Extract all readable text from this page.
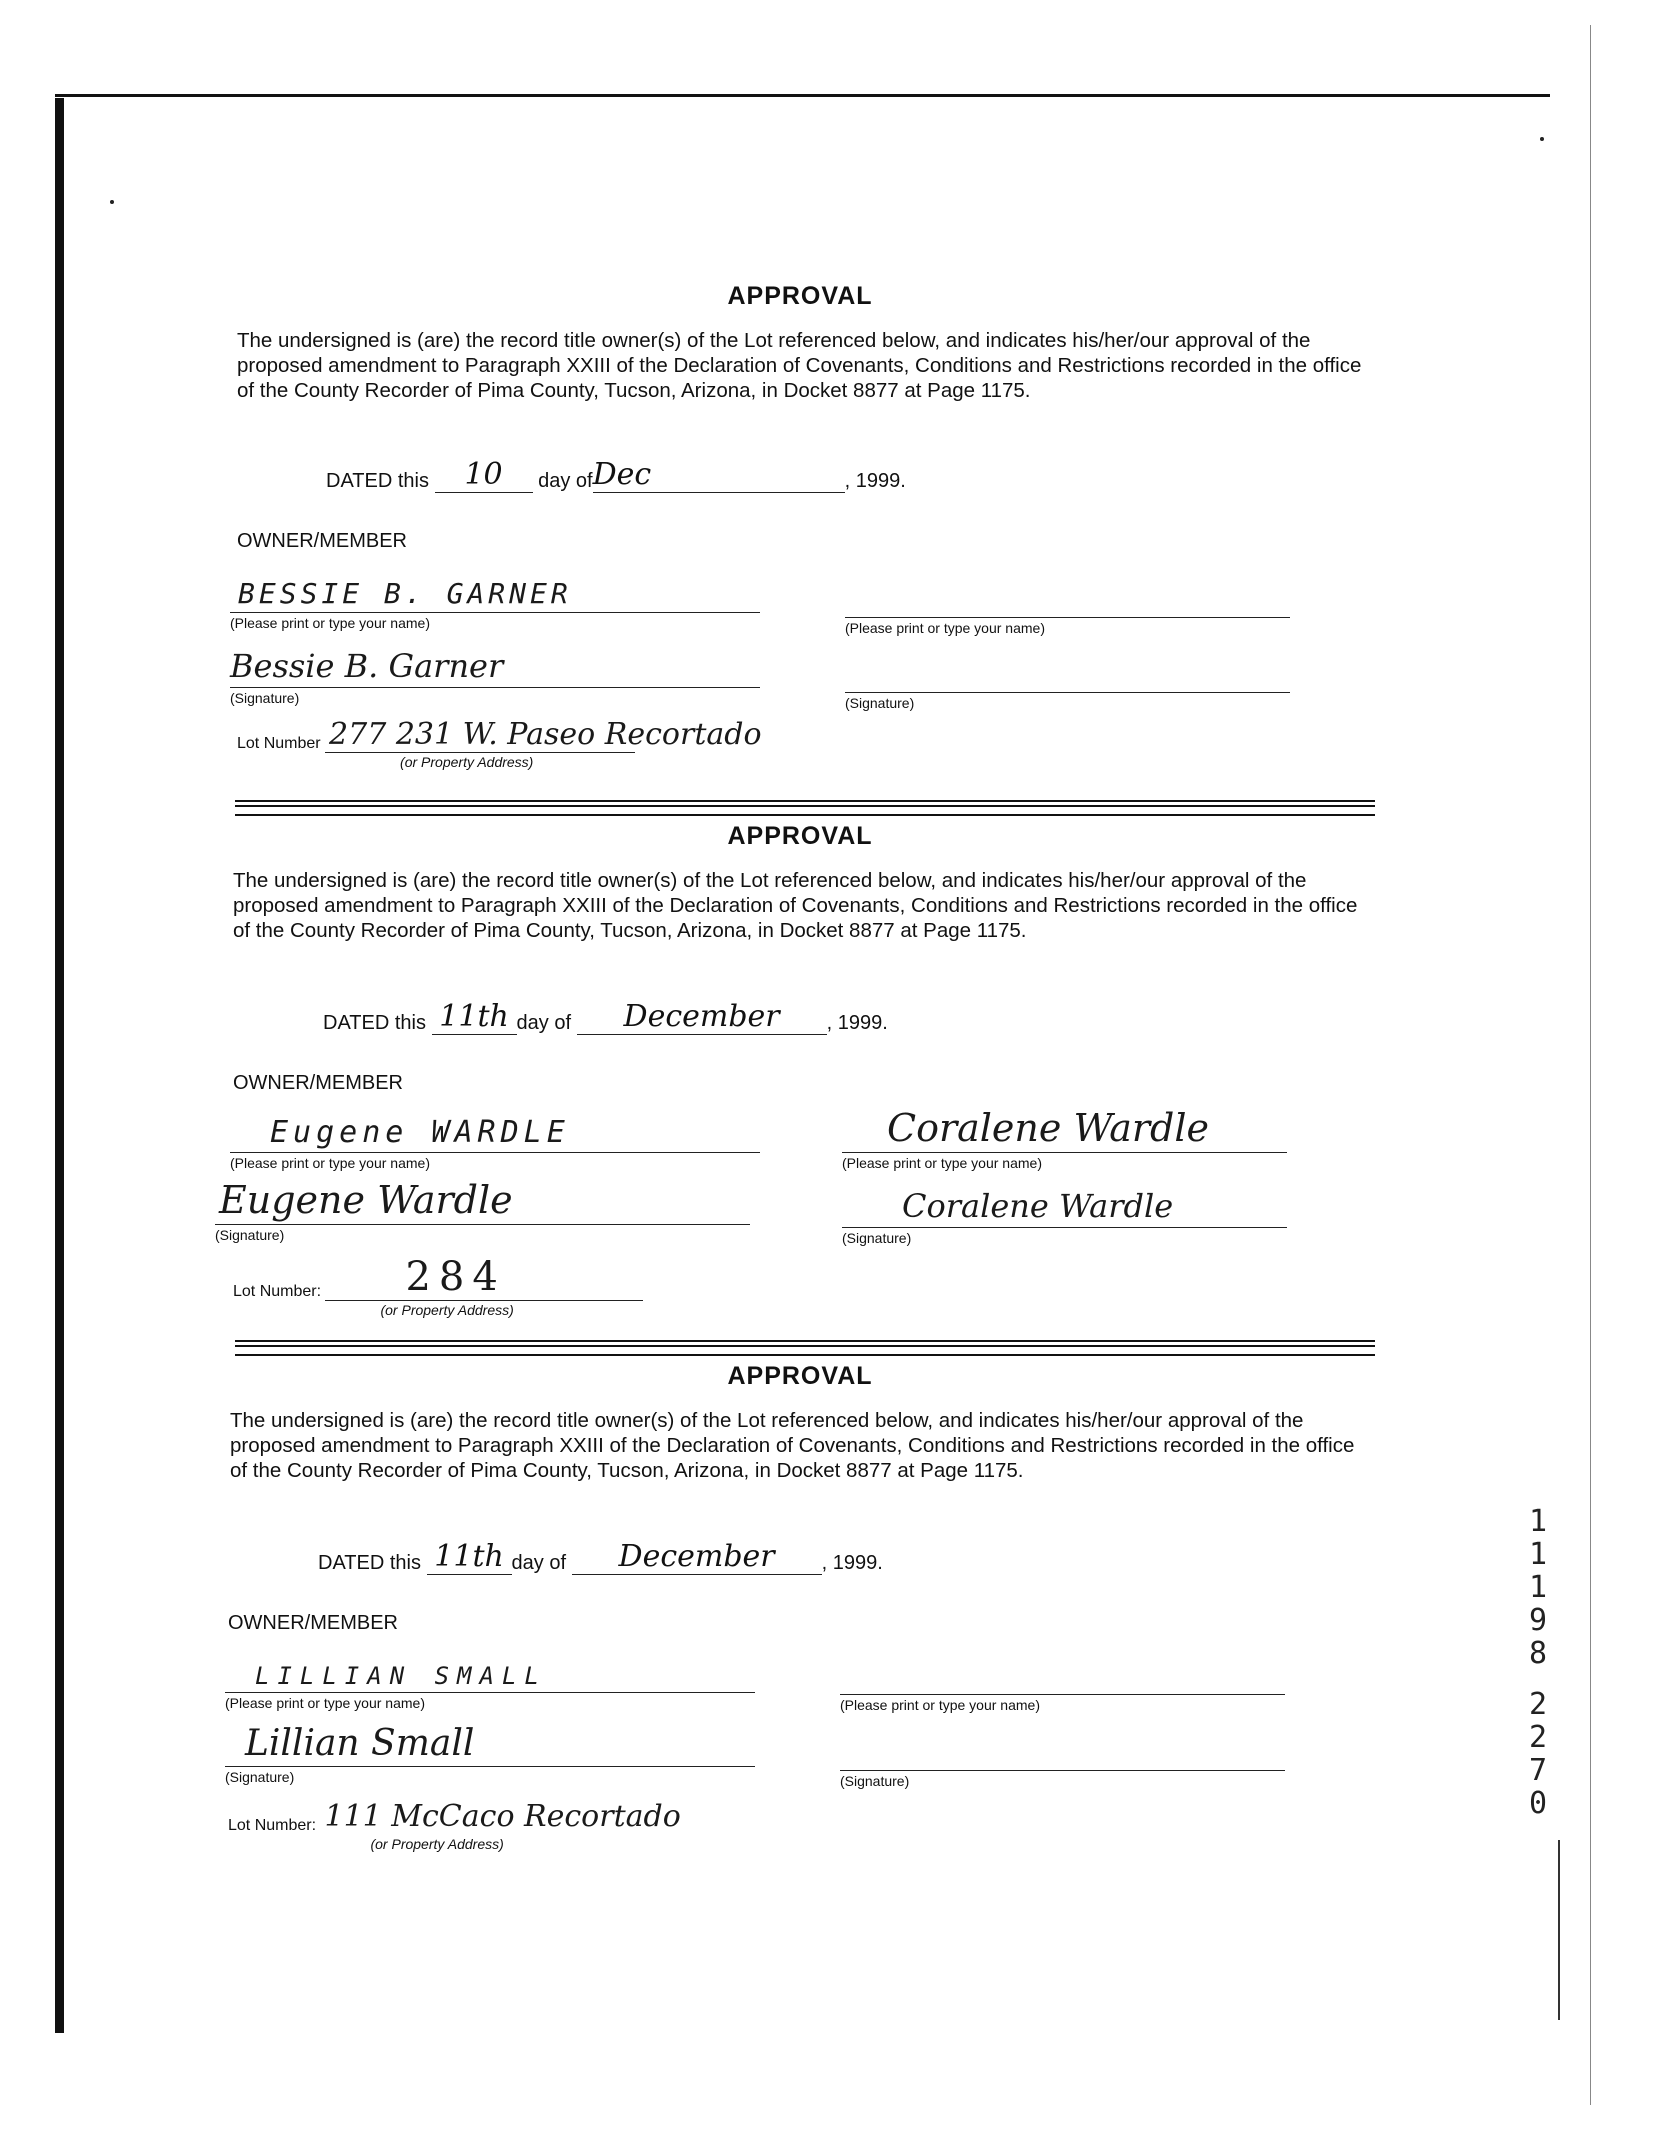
APPROVAL

The undersigned is (are) the record title owner(s) of the Lot referenced below, and indicates his/her/our approval of the proposed amendment to Paragraph XXIII of the Declaration of Covenants, Conditions and Restrictions recorded in the office of the County Recorder of Pima County, Tucson, Arizona, in Docket 8877 at Page 1175.

DATED this 10 day ofDec	, 1999.
OWNER/MEMBER
BESSIE B. GARNER
(Please print or type your name)	(Please print or type your name)
Bessie B. Garner
(Signature)	(Signature)
Lot Number 277 231 W. Paseo Recortado
(or Property Address)
APPROVAL

The undersigned is (are) the record title owner(s) of the Lot referenced below, and indicates his/her/our approval of the proposed amendment to Paragraph XXIII of the Declaration of Covenants, Conditions and Restrictions recorded in the office of the County Recorder of Pima County, Tucson, Arizona, in Docket 8877 at Page 1175.

DATED this 11th day of December , 1999.
OWNER/MEMBER
Eugene WARDLE
(Please print or type your name)
Coralene Wardle
(Please print or type your name)
Eugene Wardle
(Signature)
Coralene Wardle
(Signature)
Lot Number: 284
(or Property Address)
APPROVAL

The undersigned is (are) the record title owner(s) of the Lot referenced below, and indicates his/her/our approval of the proposed amendment to Paragraph XXIII of the Declaration of Covenants, Conditions and Restrictions recorded in the office of the County Recorder of Pima County, Tucson, Arizona, in Docket 8877 at Page 1175.

DATED this 11th day of December , 1999.
OWNER/MEMBER
LILLIAN SMALL
(Please print or type your name)	(Please print or type your name)
Lillian Small
(Signature)	(Signature)
Lot Number: 111 McCaco Recortado
(or Property Address)
1
1
1
9
8
2
2
7
0
